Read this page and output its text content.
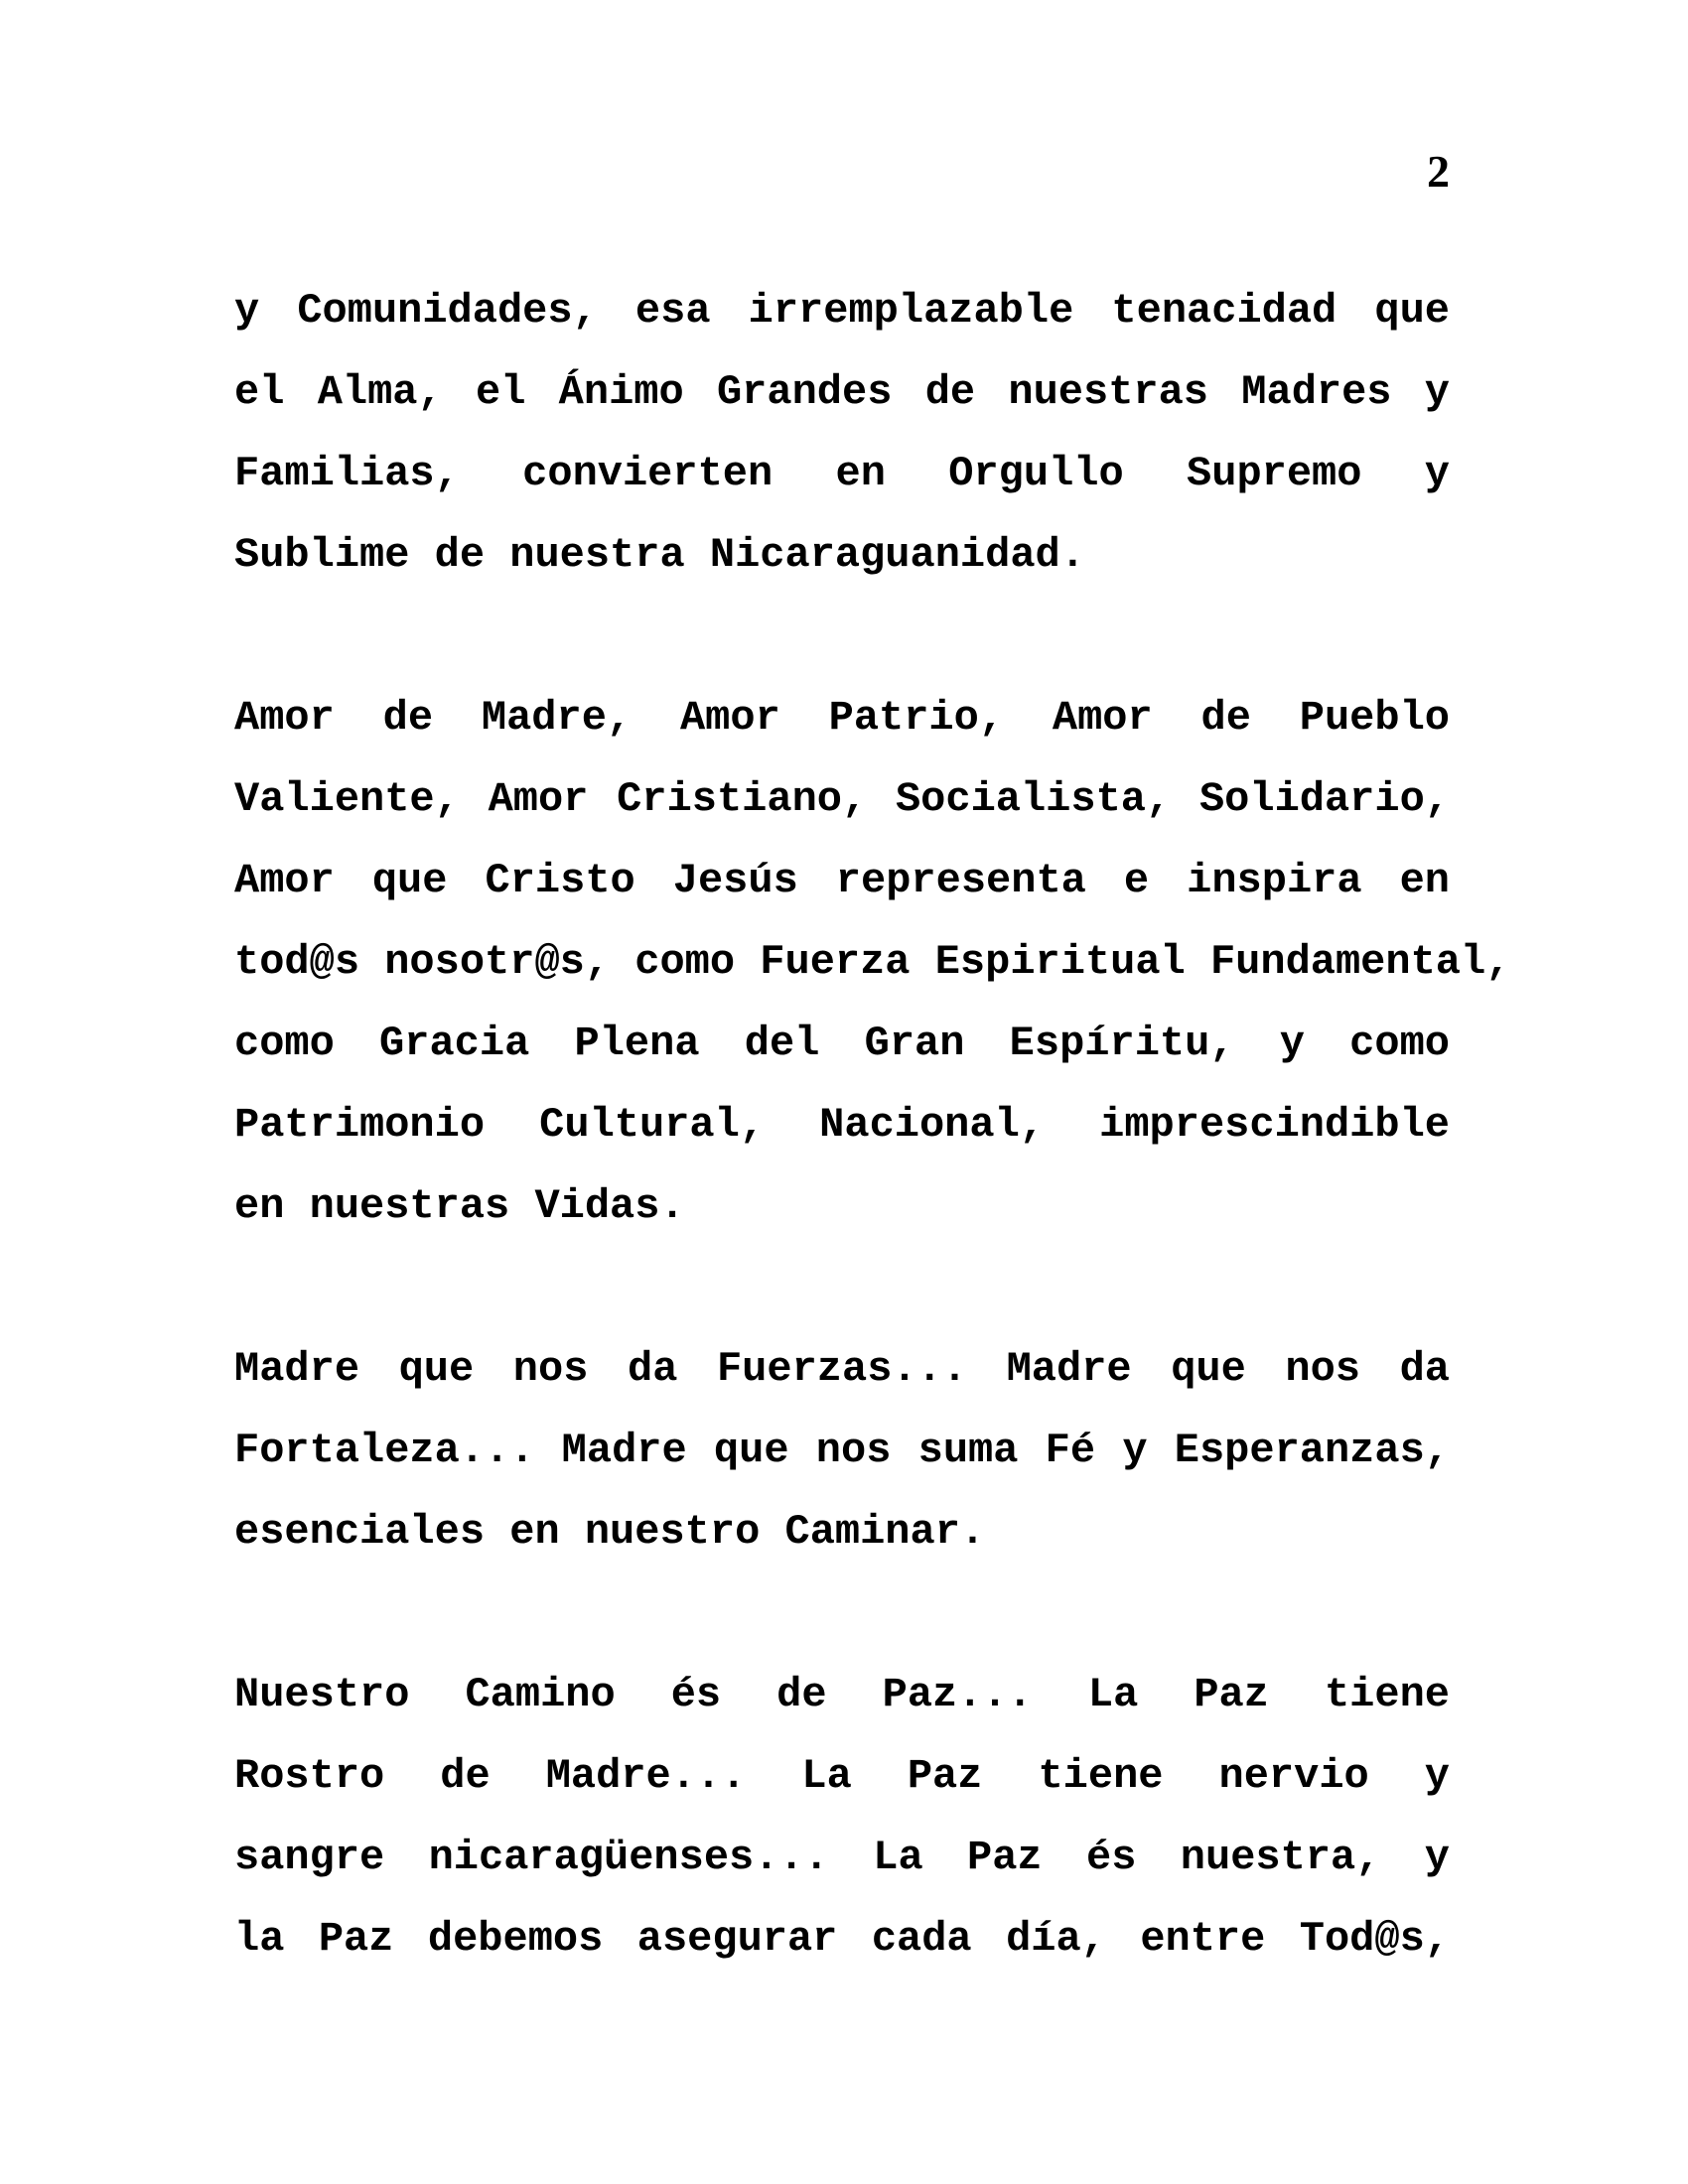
2

y Comunidades, esa irremplazable tenacidad que
el Alma, el Ánimo Grandes de nuestras Madres y
Familias, convierten en Orgullo Supremo y
Sublime de nuestra Nicaraguanidad.

Amor de Madre, Amor Patrio, Amor de Pueblo
Valiente, Amor Cristiano, Socialista, Solidario,
Amor que Cristo Jesús representa e inspira en
tod@s nosotr@s, como Fuerza Espiritual Fundamental,
como Gracia Plena del Gran Espíritu, y como
Patrimonio Cultural, Nacional, imprescindible
en nuestras Vidas.

Madre que nos da Fuerzas... Madre que nos da
Fortaleza... Madre que nos suma Fé y Esperanzas,
esenciales en nuestro Caminar.

Nuestro Camino és de Paz... La Paz tiene
Rostro de Madre... La Paz tiene nervio y
sangre nicaragüenses... La Paz és nuestra, y
la Paz debemos asegurar cada día, entre Tod@s,
